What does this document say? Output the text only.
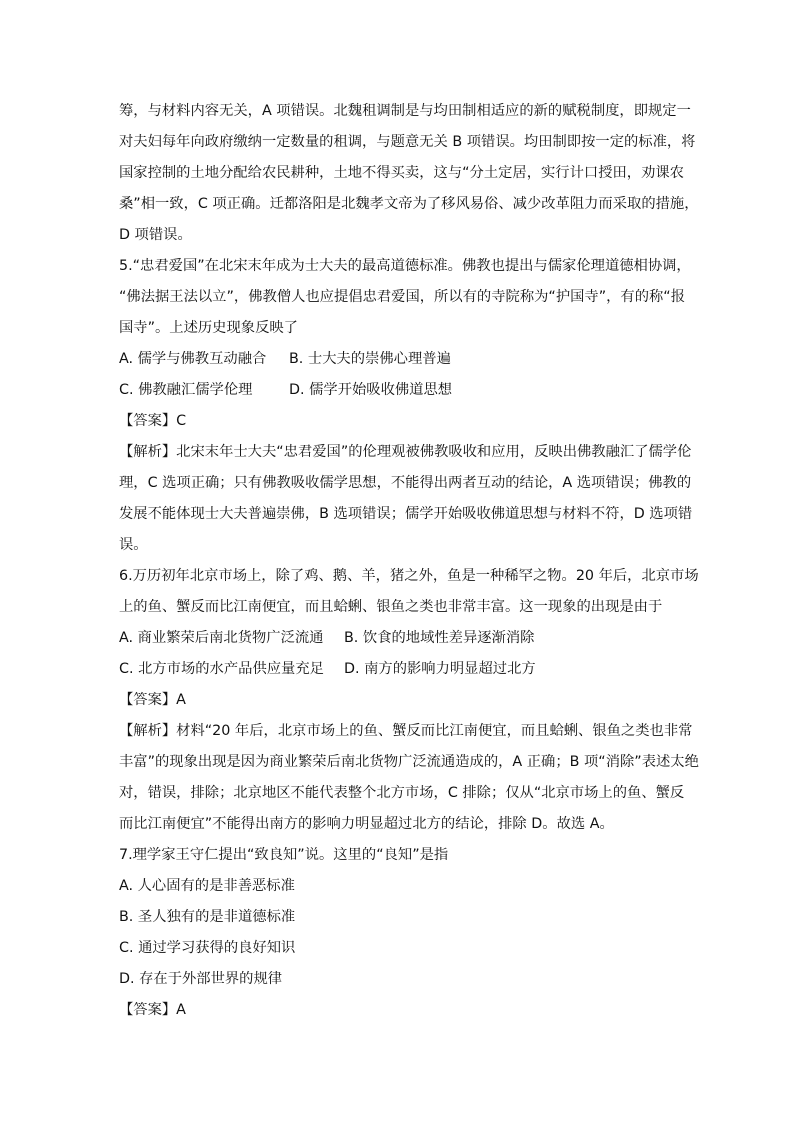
筹，与材料内容无关，A 项错误。北魏租调制是与均田制相适应的新的赋税制度，即规定一
对夫妇每年向政府缴纳一定数量的租调，与题意无关 B 项错误。均田制即按一定的标准，将
国家控制的土地分配给农民耕种，土地不得买卖，这与“分土定居，实行计口授田，劝课农
桑”相一致，C 项正确。迁都洛阳是北魏孝文帝为了移风易俗、减少改革阻力而采取的措施，
D 项错误。

5.“忠君爱国”在北宋末年成为士大夫的最高道德标准。佛教也提出与儒家伦理道德相协调，
“佛法据王法以立”，佛教僧人也应提倡忠君爱国，所以有的寺院称为“护国寺”，有的称“报
国寺”。上述历史现象反映了

A. 儒学与佛教互动融合 B. 士大夫的崇佛心理普遍

C. 佛教融汇儒学伦理	D. 儒学开始吸收佛道思想

【答案】C

【解析】北宋末年士大夫“忠君爱国”的伦理观被佛教吸收和应用，反映出佛教融汇了儒学伦
理，C 选项正确；只有佛教吸收儒学思想，不能得出两者互动的结论，A 选项错误；佛教的
发展不能体现士大夫普遍崇佛，B 选项错误；儒学开始吸收佛道思想与材料不符，D 选项错
误。

6.万历初年北京市场上，除了鸡、鹅、羊，猪之外，鱼是一种稀罕之物。20 年后，北京市场
上的鱼、蟹反而比江南便宜，而且蛤蜊、银鱼之类也非常丰富。这一现象的出现是由于

A. 商业繁荣后南北货物广泛流通 B. 饮食的地域性差异逐渐消除

C. 北方市场的水产品供应量充足 D. 南方的影响力明显超过北方

【答案】A

【解析】材料“20 年后，北京市场上的鱼、蟹反而比江南便宜，而且蛤蜊、银鱼之类也非常
丰富”的现象出现是因为商业繁荣后南北货物广泛流通造成的，A 正确；B 项“消除”表述太绝
对，错误，排除；北京地区不能代表整个北方市场，C 排除；仅从“北京市场上的鱼、蟹反
而比江南便宜”不能得出南方的影响力明显超过北方的结论，排除 D。故选 A。

7.理学家王守仁提出“致良知”说。这里的“良知”是指

A. 人心固有的是非善恶标准

B. 圣人独有的是非道德标准

C. 通过学习获得的良好知识

D. 存在于外部世界的规律

【答案】A
